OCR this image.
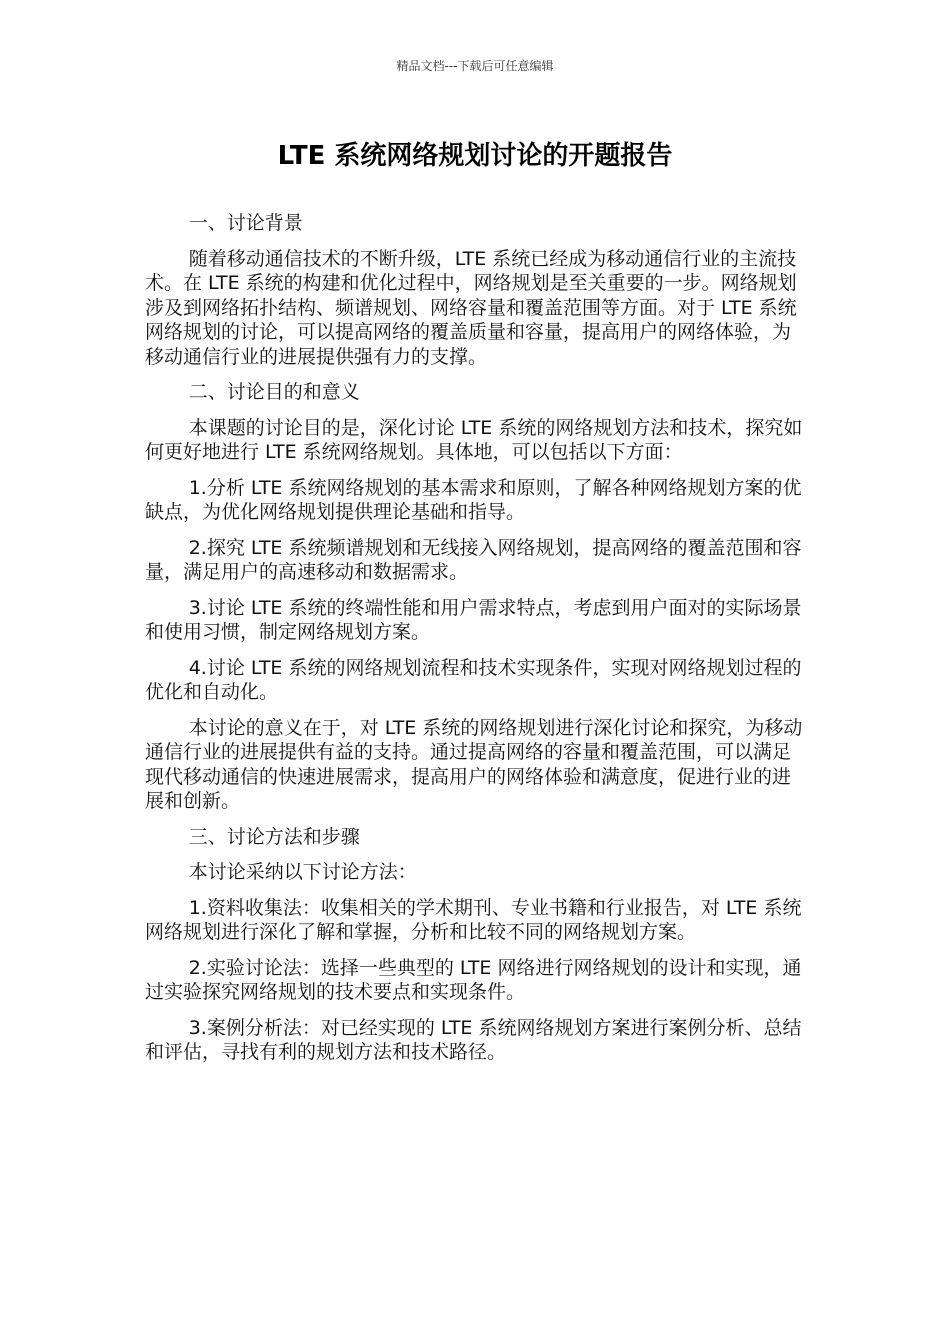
精品文档---下载后可任意编辑
LTE 系统网络规划讨论的开题报告

一、讨论背景

随着移动通信技术的不断升级，LTE 系统已经成为移动通信行业的主流技术。在 LTE 系统的构建和优化过程中，网络规划是至关重要的一步。网络规划涉及到网络拓扑结构、频谱规划、网络容量和覆盖范围等方面。对于 LTE 系统网络规划的讨论，可以提高网络的覆盖质量和容量，提高用户的网络体验，为移动通信行业的进展提供强有力的支撑。

二、讨论目的和意义

本课题的讨论目的是，深化讨论 LTE 系统的网络规划方法和技术，探究如何更好地进行 LTE 系统网络规划。具体地，可以包括以下方面：

1.分析 LTE 系统网络规划的基本需求和原则，了解各种网络规划方案的优缺点，为优化网络规划提供理论基础和指导。

2.探究 LTE 系统频谱规划和无线接入网络规划，提高网络的覆盖范围和容量，满足用户的高速移动和数据需求。

3.讨论 LTE 系统的终端性能和用户需求特点，考虑到用户面对的实际场景和使用习惯，制定网络规划方案。

4.讨论 LTE 系统的网络规划流程和技术实现条件，实现对网络规划过程的优化和自动化。

本讨论的意义在于，对 LTE 系统的网络规划进行深化讨论和探究，为移动通信行业的进展提供有益的支持。通过提高网络的容量和覆盖范围，可以满足现代移动通信的快速进展需求，提高用户的网络体验和满意度，促进行业的进展和创新。

三、讨论方法和步骤

本讨论采纳以下讨论方法：

1.资料收集法：收集相关的学术期刊、专业书籍和行业报告，对 LTE 系统网络规划进行深化了解和掌握，分析和比较不同的网络规划方案。

2.实验讨论法：选择一些典型的 LTE 网络进行网络规划的设计和实现，通过实验探究网络规划的技术要点和实现条件。

3.案例分析法：对已经实现的 LTE 系统网络规划方案进行案例分析、总结和评估，寻找有利的规划方法和技术路径。
